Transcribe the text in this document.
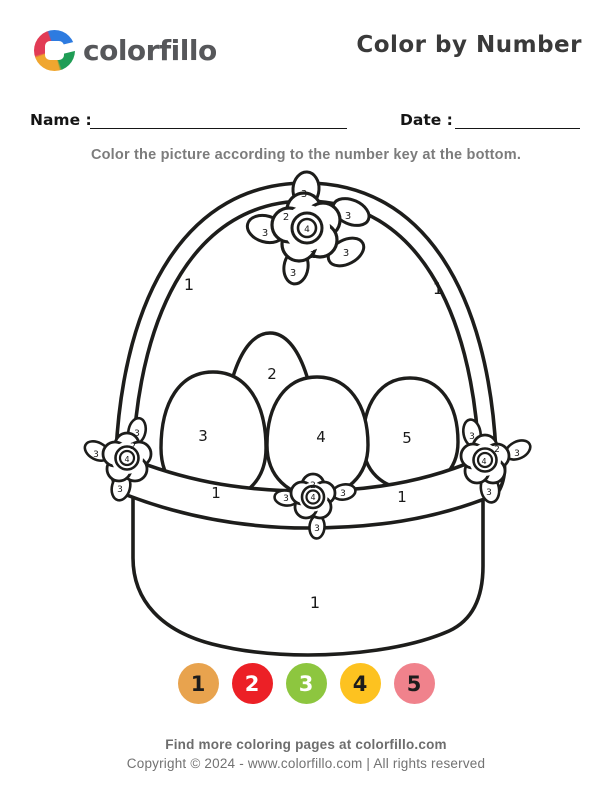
colorfillo	Color by Number
Name :	Date :
Color the picture according to the number key at the bottom.
1	1
3
2	3
3	4
2	3
3
2
3	4	5
1	1
3
2
3	4
3	2
3	4	3
3
3
2 3
4
3
1
1 2 3 4 5
Find more coloring pages at colorfillo.com
Copyright © 2024 - www.colorfillo.com | All rights reserved
